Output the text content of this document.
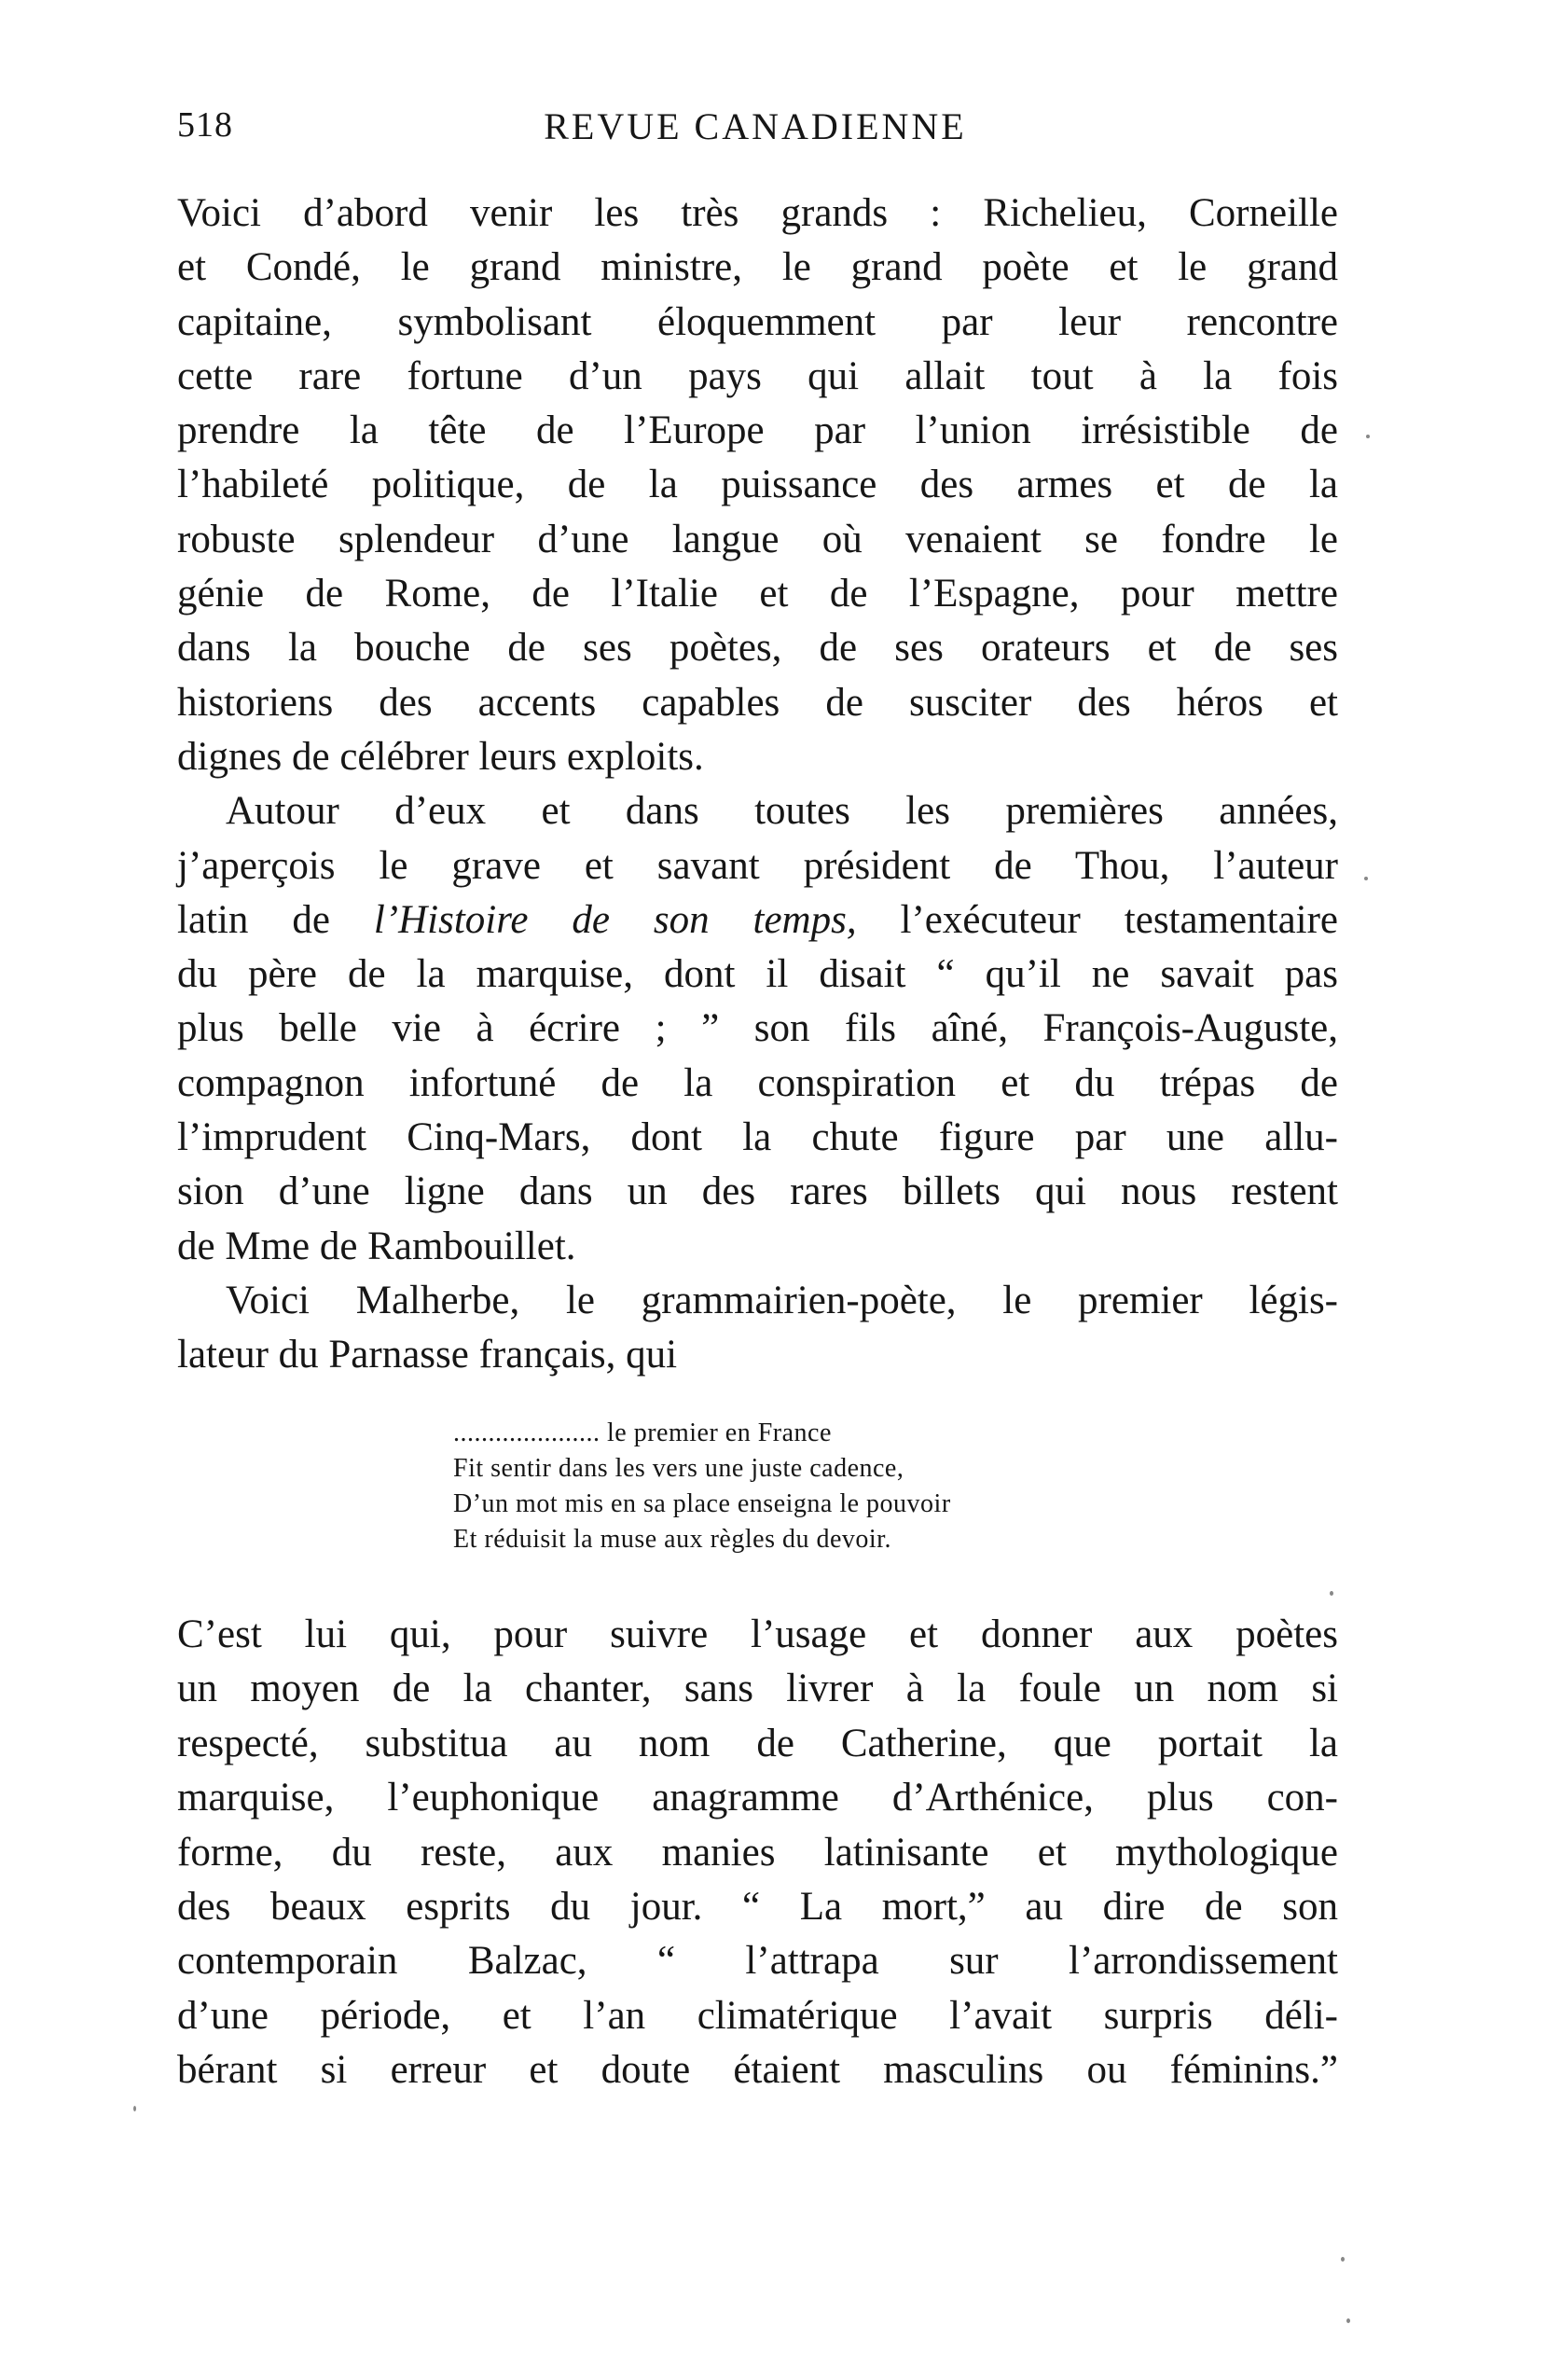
518	REVUE CANADIENNE
Voici d’abord venir les très grands : Richelieu, Corneille
et Condé, le grand ministre, le grand poète et le grand
capitaine, symbolisant éloquemment par leur rencontre
cette rare fortune d’un pays qui allait tout à la fois
prendre la tête de l’Europe par l’union irrésistible de
l’habileté politique, de la puissance des armes et de la
robuste splendeur d’une langue où venaient se fondre le
génie de Rome, de l’Italie et de l’Espagne, pour mettre
dans la bouche de ses poètes, de ses orateurs et de ses
historiens des accents capables de susciter des héros et
dignes de célébrer leurs exploits.
Autour d’eux et dans toutes les premières années,
j’aperçois le grave et savant président de Thou, l’auteur
latin de l’Histoire de son temps, l’exécuteur testamentaire
du père de la marquise, dont il disait “ qu’il ne savait pas
plus belle vie à écrire ; ” son fils aîné, François-Auguste,
compagnon infortuné de la conspiration et du trépas de
l’imprudent Cinq-Mars, dont la chute figure par une allu-
sion d’une ligne dans un des rares billets qui nous restent
de Mme de Rambouillet.
Voici Malherbe, le grammairien-poète, le premier légis-
lateur du Parnasse français, qui
..................... le premier en France
Fit sentir dans les vers une juste cadence,
D’un mot mis en sa place enseigna le pouvoir
Et réduisit la muse aux règles du devoir.
C’est lui qui, pour suivre l’usage et donner aux poètes
un moyen de la chanter, sans livrer à la foule un nom si
respecté, substitua au nom de Catherine, que portait la
marquise, l’euphonique anagramme d’Arthénice, plus con-
forme, du reste, aux manies latinisante et mythologique
des beaux esprits du jour. “ La mort,” au dire de son
contemporain Balzac, “ l’attrapa sur l’arrondissement
d’une période, et l’an climatérique l’avait surpris déli-
bérant si erreur et doute étaient masculins ou féminins.”
